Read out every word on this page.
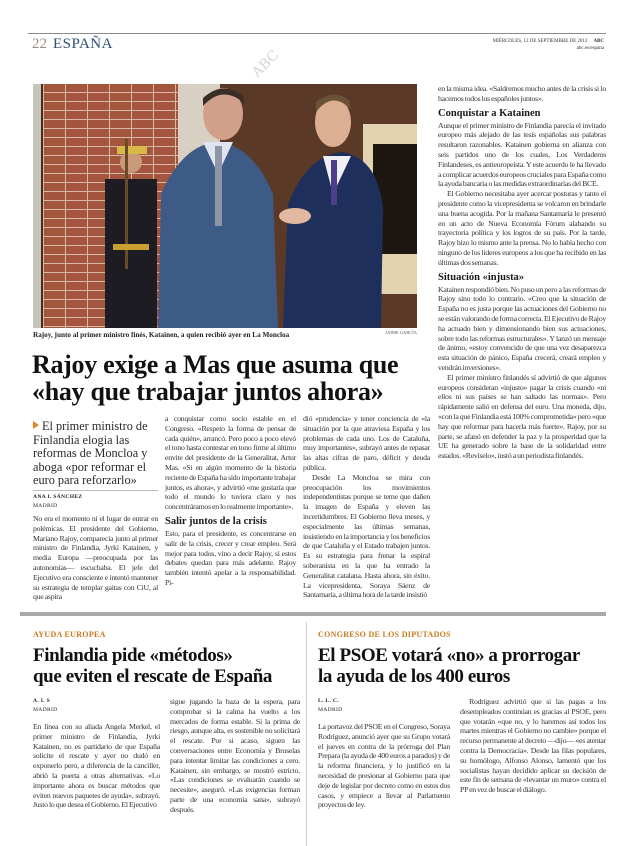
22 ESPAÑA	MIÉRCOLES, 12 DE SEPTIEMBRE DE 2012 ABC
abc.es/espana
ABC
Rajoy, junto al primer ministro finés, Katainen, a quien recibió ayer en La Moncloa	JAIME GARCÍA
Rajoy exige a Mas que asuma que
«hay que trabajar juntos ahora»
El primer ministro de Finlandia elogia las reformas de Moncloa y aboga «por reformar el euro para reforzarlo»
ANA I. SÁNCHEZ
MADRID

No era el momento ni el lugar de entrar en polémicas. El presidente del Gobierno, Mariano Rajoy, comparecía junto al primer ministro de Finlandia, Jyrki Katainen, y media Europa —preocupada por las autonomías— escuchaba. El jefe del Ejecutivo era consciente e intentó mantener su estrategia de templar gaitas con CiU, al que aspira

a conquistar como socio estable en el Congreso. «Respeto la forma de pensar de cada quién», arrancó. Pero poco a poco elevó el tono hasta contestar en tono firme al último envite del presidente de la Generalitat, Artur Mas. «Si en algún momento de la historia reciente de España ha sido importante trabajar juntos, es ahora», y advirtió «me gustaría que todo el mundo lo tuviera claro y nos concentráramos en lo realmente importante».

Salir juntos de la crisis

Esto, para el presidente, es concentrarse en salir de la crisis, crecer y crear empleo. Será mejor para todos, vino a decir Rajoy, si estos debates quedan para más adelante. Rajoy también intentó apelar a la responsabilidad. Pi-

dió «prudencia» y tener conciencia de «la situación por la que atraviesa España y los problemas de cada uno. Los de Cataluña, muy importantes», subrayó antes de repasar las altas cifras de paro, déficit y deuda pública.

Desde La Moncloa se mira con preocupación los movimientos independentistas porque se teme que dañen la imagen de España y eleven las incertidumbres. El Gobierno lleva meses, y especialmente las últimas semanas, insistiendo en la importancia y los beneficios de que Cataluña y el Estado trabajen juntos. Es su estrategia para frenar la espiral soberanista en la que ha entrado la Generalitat catalana. Hasta ahora, sin éxito. La vicepresidenta, Soraya Sáenz de Santamaría, a última hora de la tarde insistió

en la misma idea. «Saldremos mucho antes de la crisis si lo hacemos todos los españoles juntos».

Conquistar a Katainen

Aunque el primer ministro de Finlandia parecía el invitado europeo más alejado de las tesis españolas sus palabras resultaron razonables. Katainen gobierna en alianza con seis partidos uno de los cuales, Los Verdaderos Finlandeses, es antieuropeísta. Y este acuerdo le ha llevado a complicar acuerdos europeos cruciales para España como la ayuda bancaria o las medidas extraordinarias del BCE.

El Gobierno necesitaba ayer acercar posturas y tanto el presidente como la vicepresidenta se volcaron en brindarle una buena acogida. Por la mañana Santamaría le presentó en un acto de Nueva Economía Fórum alabando su trayectoria política y los logros de su país. Por la tarde, Rajoy hizo lo mismo ante la prensa. No lo había hecho con ninguno de los líderes europeos a los que ha recibido en las últimas dos semanas.

Situación «injusta»

Katainen respondió bien. No puso un pero a las reformas de Rajoy sino todo lo contrario. «Creo que la situación de España no es justa porque las actuaciones del Gobierno no se están valorando de forma correcta. El Ejecutivo de Rajoy ha actuado bien y dimensionando bien sus actuaciones, sobre todo las reformas estructurales». Y lanzó un mensaje de ánimo, «estoy convencido de que una vez desaparezca esta situación de pánico, España crecerá, creará empleo y vendrán inversiones».

El primer ministro finlandés sí advirtió de que algunos europeos consideran «injusto» pagar la crisis cuando «ni ellos ni sus países se han saltado las normas». Pero rápidamente salió en defensa del euro. Una moneda, dijo, «con la que Finlandia está 100% comprometida» pero «que hay que reformar para hacerla más fuerte». Rajoy, por su parte, se afanó en defender la paz y la prosperidad que la UE ha generado sobre la base de la solidaridad entre estados. «Revíselo», instó a un periodista finlandés.

AYUDA EUROPEA
Finlandia pide «métodos»
que eviten el rescate de España
A. I. S
MADRID

En línea con su aliada Angela Merkel, el primer ministro de Finlandia, Jyrki Katainen, no es partidario de que España solicite el rescate y ayer no dudó en exponerlo pero, a diferencia de la canciller, abrió la puerta a otras alternativas. «Lo importante ahora es buscar métodos que eviten nuevos paquetes de ayuda», subrayó. Justo lo que desea el Gobierno. El Ejecutivo

sigue jugando la baza de la espera, para comprobar si la calma ha vuelto a los mercados de forma estable. Si la prima de riesgo, aunque alta, es sostenible no solicitará el rescate. Por si acaso, siguen las conversaciones entre Economía y Bruselas para intentar limitar las condiciones a cero. Katainen, sin embargo, se mostró estricto. «Las condiciones se evaluarán cuando se necesite», aseguró. «Las exigencias forman parte de una economía sana», subrayó después.

CONGRESO DE LOS DIPUTADOS
El PSOE votará «no» a prorrogar
la ayuda de los 400 euros
L. L. C.
MADRID

La portavoz del PSOE en el Congreso, Soraya Rodríguez, anunció ayer que su Grupo votará el jueves en contra de la prórroga del Plan Prepara (la ayuda de 400 euros a parados) y de la reforma financiera, y lo justificó en la necesidad de presionar al Gobierno para que deje de legislar por decreto como en estos dos casos, y empiece a llevar al Parlamento proyectos de ley.

Rodríguez advirtió que si las pagas a los desempleados continúan es gracias al PSOE, pero que votarán «que no, y lo haremos así todos los martes mientras el Gobierno no cambie» porque el recurso permanente al decreto —dijo— «es atentar contra la Democracia». Desde las filas populares, su homólogo, Alfonso Alonso, lamentó que los socialistas hayan decidido aplicar su decisión de este fin de semana de «levantar un muro» contra el PP en vez de buscar el diálogo.
